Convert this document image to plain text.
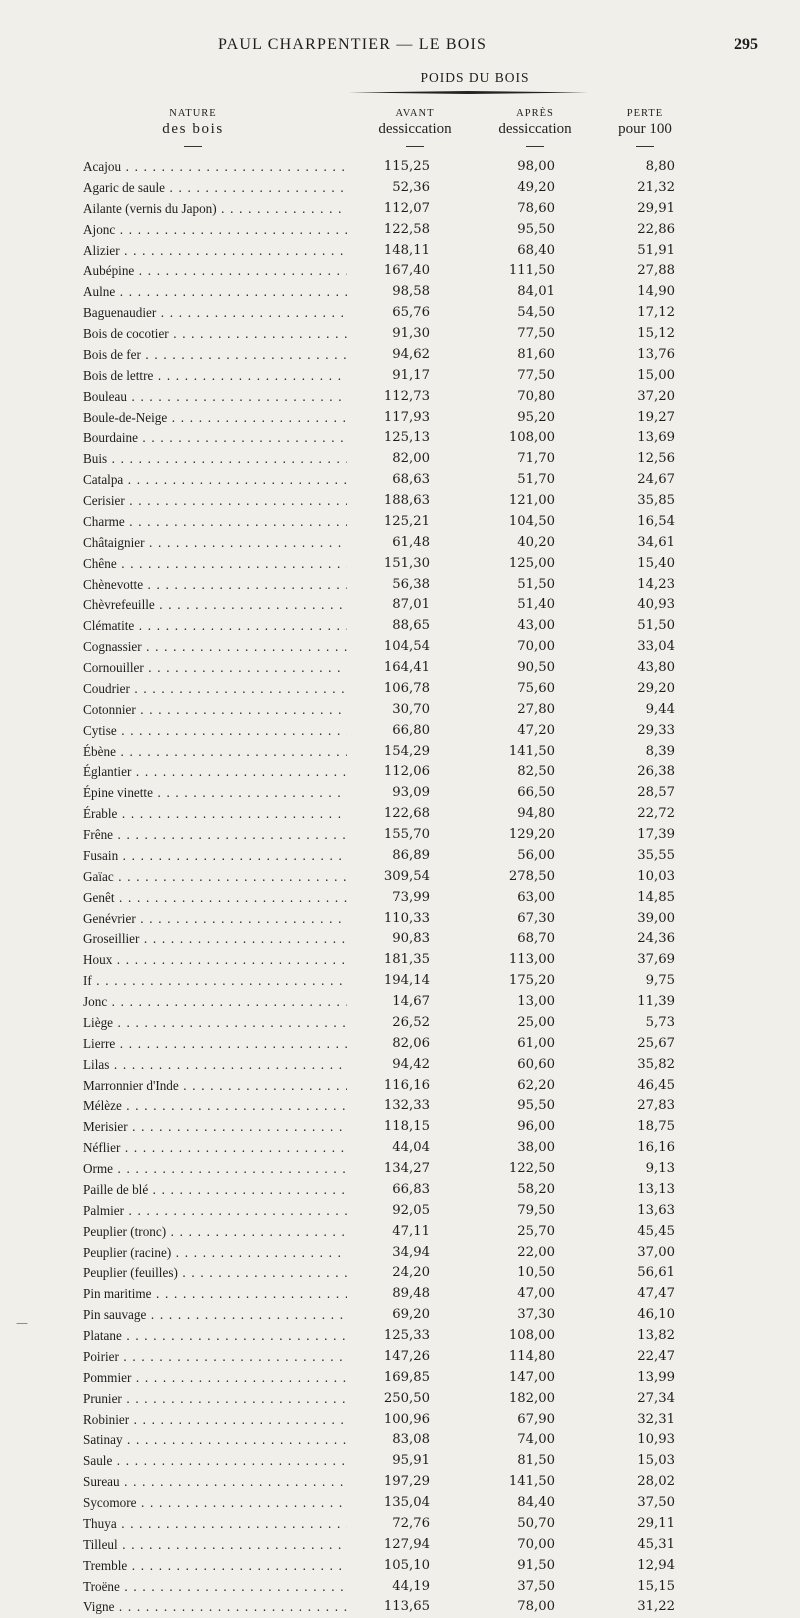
PAUL CHARPENTIER — LE BOIS	295
POIDS DU BOIS
NATURE
des bois
AVANT
dessiccation
APRÈS
dessiccation
PERTE
pour 100
Acajou . . .	115,25	98,00	8,80
Agaric de saule . . .	52,36	49,20	21,32
Ailante (vernis du Japon) . . .	112,07	78,60	29,91
Ajonc . . .	122,58	95,50	22,86
Alizier . . .	148,11	68,40	51,91
Aubépine . . .	167,40	111,50	27,88
Aulne . . .	98,58	84,01	14,90
Baguenaudier . . .	65,76	54,50	17,12
Bois de cocotier . . .	91,30	77,50	15,12
Bois de fer . . .	94,62	81,60	13,76
Bois de lettre . . .	91,17	77,50	15,00
Bouleau . . .	112,73	70,80	37,20
Boule-de-Neige . . .	117,93	95,20	19,27
Bourdaine . . .	125,13	108,00	13,69
Buis . . .	82,00	71,70	12,56
Catalpa . . .	68,63	51,70	24,67
Cerisier . . .	188,63	121,00	35,85
Charme . . .	125,21	104,50	16,54
Châtaignier . . .	61,48	40,20	34,61
Chêne . . .	151,30	125,00	15,40
Chènevotte . . .	56,38	51,50	14,23
Chèvrefeuille . . .	87,01	51,40	40,93
Clématite . . .	88,65	43,00	51,50
Cognassier . . .	104,54	70,00	33,04
Cornouiller . . .	164,41	90,50	43,80
Coudrier . . .	106,78	75,60	29,20
Cotonnier . . .	30,70	27,80	9,44
Cytise . . .	66,80	47,20	29,33
Ébène . . .	154,29	141,50	8,39
Églantier . . .	112,06	82,50	26,38
Épine vinette . . .	93,09	66,50	28,57
Érable . . .	122,68	94,80	22,72
Frêne . . .	155,70	129,20	17,39
Fusain . . .	86,89	56,00	35,55
Gaïac . . .	309,54	278,50	10,03
Genêt . . .	73,99	63,00	14,85
Genévrier . . .	110,33	67,30	39,00
Groseillier . . .	90,83	68,70	24,36
Houx . . .	181,35	113,00	37,69
If . . .	194,14	175,20	9,75
Jonc . . .	14,67	13,00	11,39
Liège . . .	26,52	25,00	5,73
Lierre . . .	82,06	61,00	25,67
Lilas . . .	94,42	60,60	35,82
Marronnier d'Inde . . .	116,16	62,20	46,45
Mélèze . . .	132,33	95,50	27,83
Merisier . . .	118,15	96,00	18,75
Néflier . . .	44,04	38,00	16,16
Orme . . .	134,27	122,50	9,13
Paille de blé . . .	66,83	58,20	13,13
Palmier . . .	92,05	79,50	13,63
Peuplier (tronc) . . .	47,11	25,70	45,45
Peuplier (racine) . . .	34,94	22,00	37,00
Peuplier (feuilles) . . .	24,20	10,50	56,61
Pin maritime . . .	89,48	47,00	47,47
Pin sauvage . . .	69,20	37,30	46,10
Platane . . .	125,33	108,00	13,82
Poirier . . .	147,26	114,80	22,47
Pommier . . .	169,85	147,00	13,99
Prunier . . .	250,50	182,00	27,34
Robinier . . .	100,96	67,90	32,31
Satinay . . .	83,08	74,00	10,93
Saule . . .	95,91	81,50	15,03
Sureau . . .	197,29	141,50	28,02
Sycomore . . .	135,04	84,40	37,50
Thuya . . .	72,76	50,70	29,11
Tilleul . . .	127,94	70,00	45,31
Tremble . . .	105,10	91,50	12,94
Troëne . . .	44,19	37,50	15,15
Vigne . . .	113,65	78,00	31,22
—
